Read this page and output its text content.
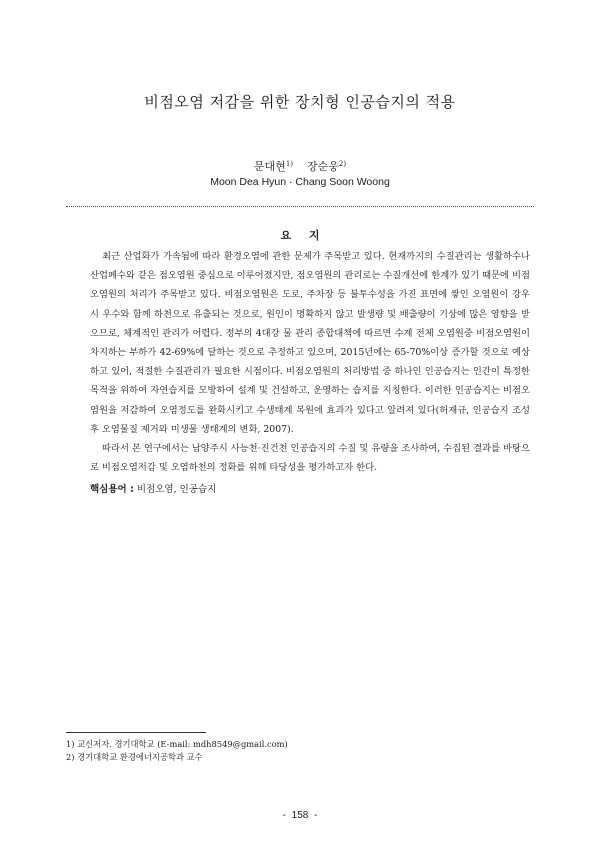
비점오염 저감을 위한 장치형 인공습지의 적용
문대현$^{1)}$ 장순웅$^{2)}$
Moon Dea Hyun · Chang Soon Woong
요 지

최근 산업화가 가속됨에 따라 환경오염에 관한 문제가 주목받고 있다. 현재까지의 수질관리는 생활하수나 산업폐수와 같은 점오염원 중심으로 이루어졌지만, 점오염원의 관리로는 수질개선에 한계가 있기 때문에 비점오염원의 처리가 주목받고 있다. 비점오염원은 도로, 주차장 등 불투수성을 가진 표면에 쌓인 오염원이 강우 시 우수와 함께 하천으로 유출되는 것으로, 원인이 명확하지 않고 발생량 및 배출량이 기상에 많은 영향을 받으므로, 체계적인 관리가 어렵다. 정부의 4대강 물 관리 종합대책에 따르면 수계 전체 오염원중 비점오염원이 차지하는 부하가 42-69%에 달하는 것으로 추정하고 있으며, 2015년에는 65-70%이상 증가할 것으로 예상하고 있어, 적절한 수질관리가 필요한 시점이다. 비점오염원의 처리방법 중 하나인 인공습지는 인간이 특정한 목적을 위하여 자연습지를 모방하여 설계 및 건설하고, 운영하는 습지를 지칭한다. 이러한 인공습지는 비점오염원을 저감하여 오염정도를 완화시키고 수생태계 복원에 효과가 있다고 알려져 있다(허재규, 인공습지 조성 후 오염물질 제거와 미생물 생태계의 변화, 2007).

따라서 본 연구에서는 남양주시 사능천·진건천 인공습지의 수질 및 유량을 조사하여, 수집된 결과를 바탕으로 비점오염저감 및 오염하천의 정화를 위해 타당성을 평가하고자 한다.

핵심용어 : 비점오염, 인공습지
1) 교신저자. 경기대학교 (E-mail: mdh8549@gmail.com)
2) 경기대학교 환경에너지공학과 교수
- 158 -
